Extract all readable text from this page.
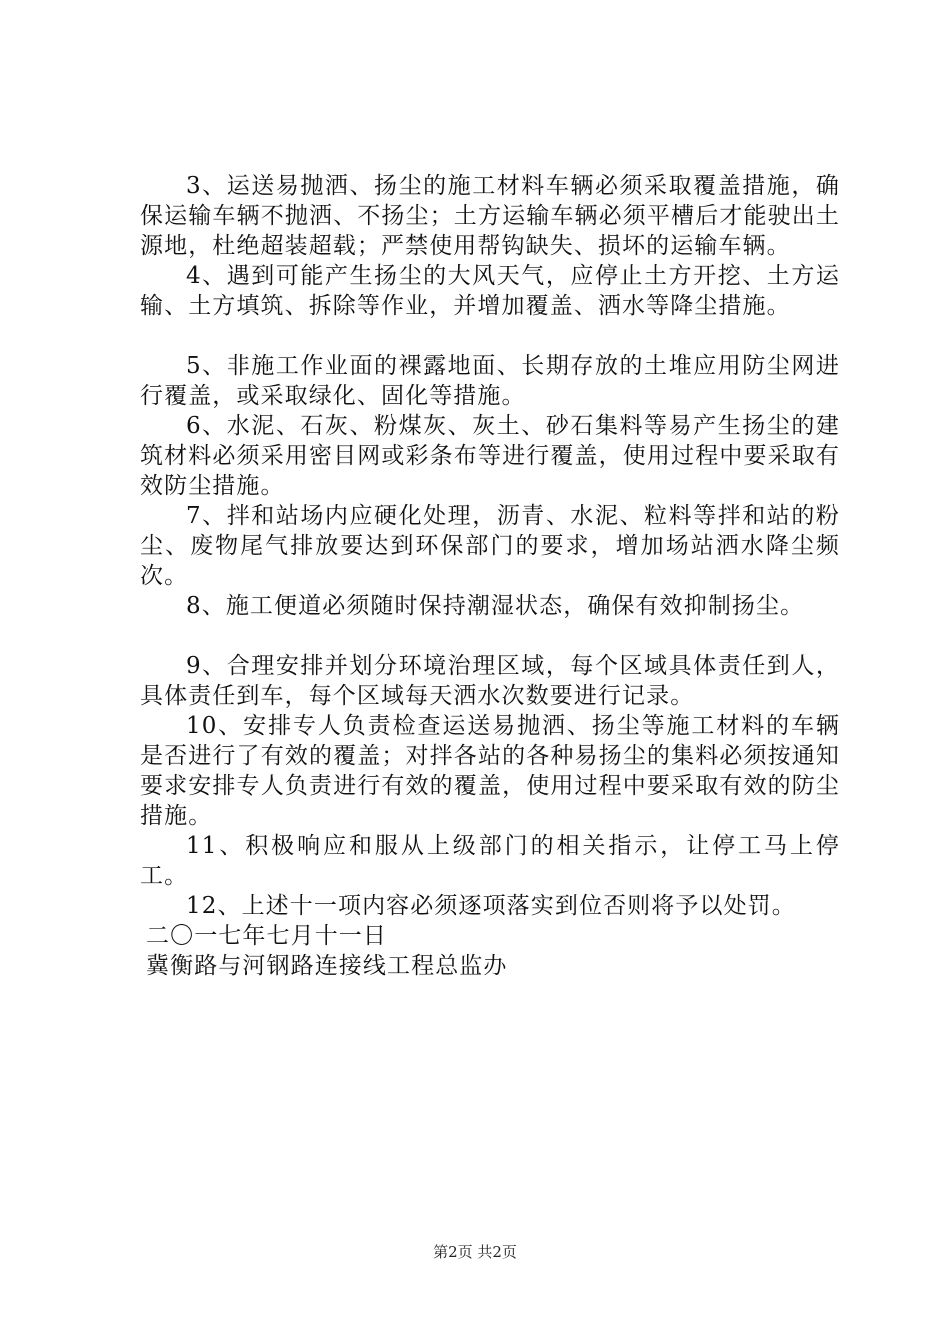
3、运送易抛洒、扬尘的施工材料车辆必须采取覆盖措施，确保运输车辆不抛洒、不扬尘；土方运输车辆必须平槽后才能驶出土源地，杜绝超装超载；严禁使用帮钩缺失、损坏的运输车辆。

4、遇到可能产生扬尘的大风天气，应停止土方开挖、土方运输、土方填筑、拆除等作业，并增加覆盖、洒水等降尘措施。

5、非施工作业面的裸露地面、长期存放的土堆应用防尘网进行覆盖，或采取绿化、固化等措施。

6、水泥、石灰、粉煤灰、灰土、砂石集料等易产生扬尘的建筑材料必须采用密目网或彩条布等进行覆盖，使用过程中要采取有效防尘措施。

7、拌和站场内应硬化处理，沥青、水泥、粒料等拌和站的粉尘、废物尾气排放要达到环保部门的要求，增加场站洒水降尘频次。

8、施工便道必须随时保持潮湿状态，确保有效抑制扬尘。

9、合理安排并划分环境治理区域，每个区域具体责任到人，具体责任到车，每个区域每天洒水次数要进行记录。

10、安排专人负责检查运送易抛洒、扬尘等施工材料的车辆是否进行了有效的覆盖；对拌各站的各种易扬尘的集料必须按通知要求安排专人负责进行有效的覆盖，使用过程中要采取有效的防尘措施。

11、积极响应和服从上级部门的相关指示，让停工马上停工。

12、上述十一项内容必须逐项落实到位否则将予以处罚。

二〇一七年七月十一日

冀衡路与河钢路连接线工程总监办

第2页 共2页
